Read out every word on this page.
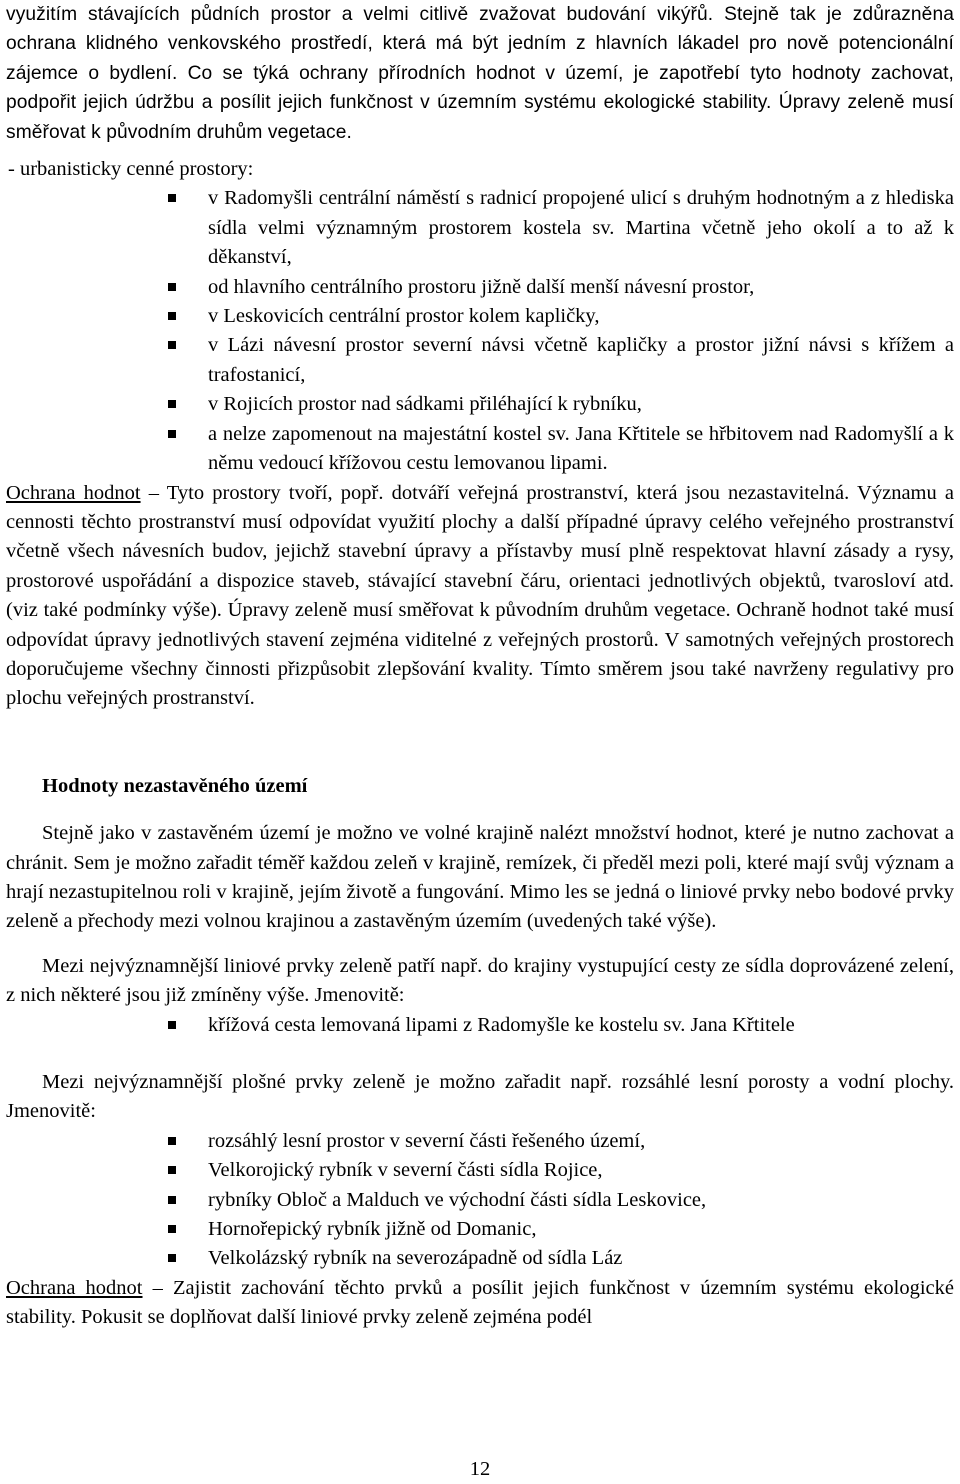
využitím stávajících půdních prostor a velmi citlivě zvažovat budování vikýřů. Stejně tak je zdůrazněna ochrana klidného venkovského prostředí, která má být jedním z hlavních lákadel pro nově potencionální zájemce o bydlení. Co se týká ochrany přírodních hodnot v území, je zapotřebí tyto hodnoty zachovat, podpořit jejich údržbu a posílit jejich funkčnost v územním systému ekologické stability. Úpravy zeleně musí směřovat k původním druhům vegetace.

- urbanisticky cenné prostory:

v Radomyšli centrální náměstí s radnicí propojené ulicí s druhým hodnotným a z hlediska sídla velmi významným prostorem kostela sv. Martina včetně jeho okolí a to až k děkanství,
od hlavního centrálního prostoru jižně další menší návesní prostor,
v Leskovicích centrální prostor kolem kapličky,
v Lázi návesní prostor severní návsi včetně kapličky a prostor jižní návsi s křížem a trafostanicí,
v Rojicích prostor nad sádkami přiléhající k rybníku,
a nelze zapomenout na majestátní kostel sv. Jana Křtitele se hřbitovem nad Radomyšlí a k němu vedoucí křížovou cestu lemovanou lipami.

Ochrana hodnot – Tyto prostory tvoří, popř. dotváří veřejná prostranství, která jsou nezastavitelná. Významu a cennosti těchto prostranství musí odpovídat využití plochy a další případné úpravy celého veřejného prostranství včetně všech návesních budov, jejichž stavební úpravy a přístavby musí plně respektovat hlavní zásady a rysy, prostorové uspořádání a dispozice staveb, stávající stavební čáru, orientaci jednotlivých objektů, tvarosloví atd. (viz také podmínky výše). Úpravy zeleně musí směřovat k původním druhům vegetace. Ochraně hodnot také musí odpovídat úpravy jednotlivých stavení zejména viditelné z veřejných prostorů. V samotných veřejných prostorech doporučujeme všechny činnosti přizpůsobit zlepšování kvality. Tímto směrem jsou také navrženy regulativy pro plochu veřejných prostranství.

Hodnoty nezastavěného území

Stejně jako v zastavěném území je možno ve volné krajině nalézt množství hodnot, které je nutno zachovat a chránit. Sem je možno zařadit téměř každou zeleň v krajině, remízek, či předěl mezi poli, které mají svůj význam a hrají nezastupitelnou roli v krajině, jejím životě a fungování. Mimo les se jedná o liniové prvky nebo bodové prvky zeleně a přechody mezi volnou krajinou a zastavěným územím (uvedených také výše).

Mezi nejvýznamnější liniové prvky zeleně patří např. do krajiny vystupující cesty ze sídla doprovázené zelení, z nich některé jsou již zmíněny výše. Jmenovitě:

křížová cesta lemovaná lipami z Radomyšle ke kostelu sv. Jana Křtitele

Mezi nejvýznamnější plošné prvky zeleně je možno zařadit např. rozsáhlé lesní porosty a vodní plochy. Jmenovitě:

rozsáhlý lesní prostor v severní části řešeného území,
Velkorojický rybník v severní části sídla Rojice,
rybníky Obloč a Malduch ve východní části sídla Leskovice,
Hornořepický rybník jižně od Domanic,
Velkolázský rybník na severozápadně od sídla Láz

Ochrana hodnot – Zajistit zachování těchto prvků a posílit jejich funkčnost v územním systému ekologické stability. Pokusit se doplňovat další liniové prvky zeleně zejména podél

12
